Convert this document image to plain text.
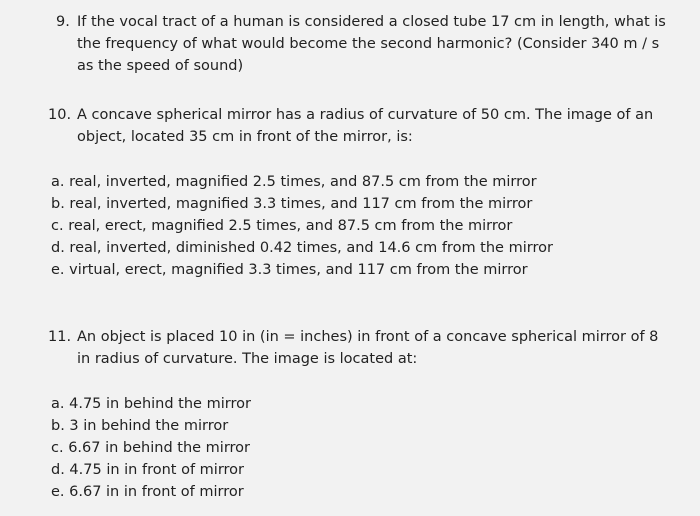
9. If the vocal tract of a human is considered a closed tube 17 cm in length, what is
the frequency of what would become the second harmonic? (Consider 340 m / s
as the speed of sound)
10. A concave spherical mirror has a radius of curvature of 50 cm. The image of an
object, located 35 cm in front of the mirror, is:
a. real, inverted, magnified 2.5 times, and 87.5 cm from the mirror
b. real, inverted, magnified 3.3 times, and 117 cm from the mirror
c. real, erect, magnified 2.5 times, and 87.5 cm from the mirror
d. real, inverted, diminished 0.42 times, and 14.6 cm from the mirror
e. virtual, erect, magnified 3.3 times, and 117 cm from the mirror
11. An object is placed 10 in (in = inches) in front of a concave spherical mirror of 8
in radius of curvature. The image is located at:
a. 4.75 in behind the mirror
b. 3 in behind the mirror
c. 6.67 in behind the mirror
d. 4.75 in in front of mirror
e. 6.67 in in front of mirror
